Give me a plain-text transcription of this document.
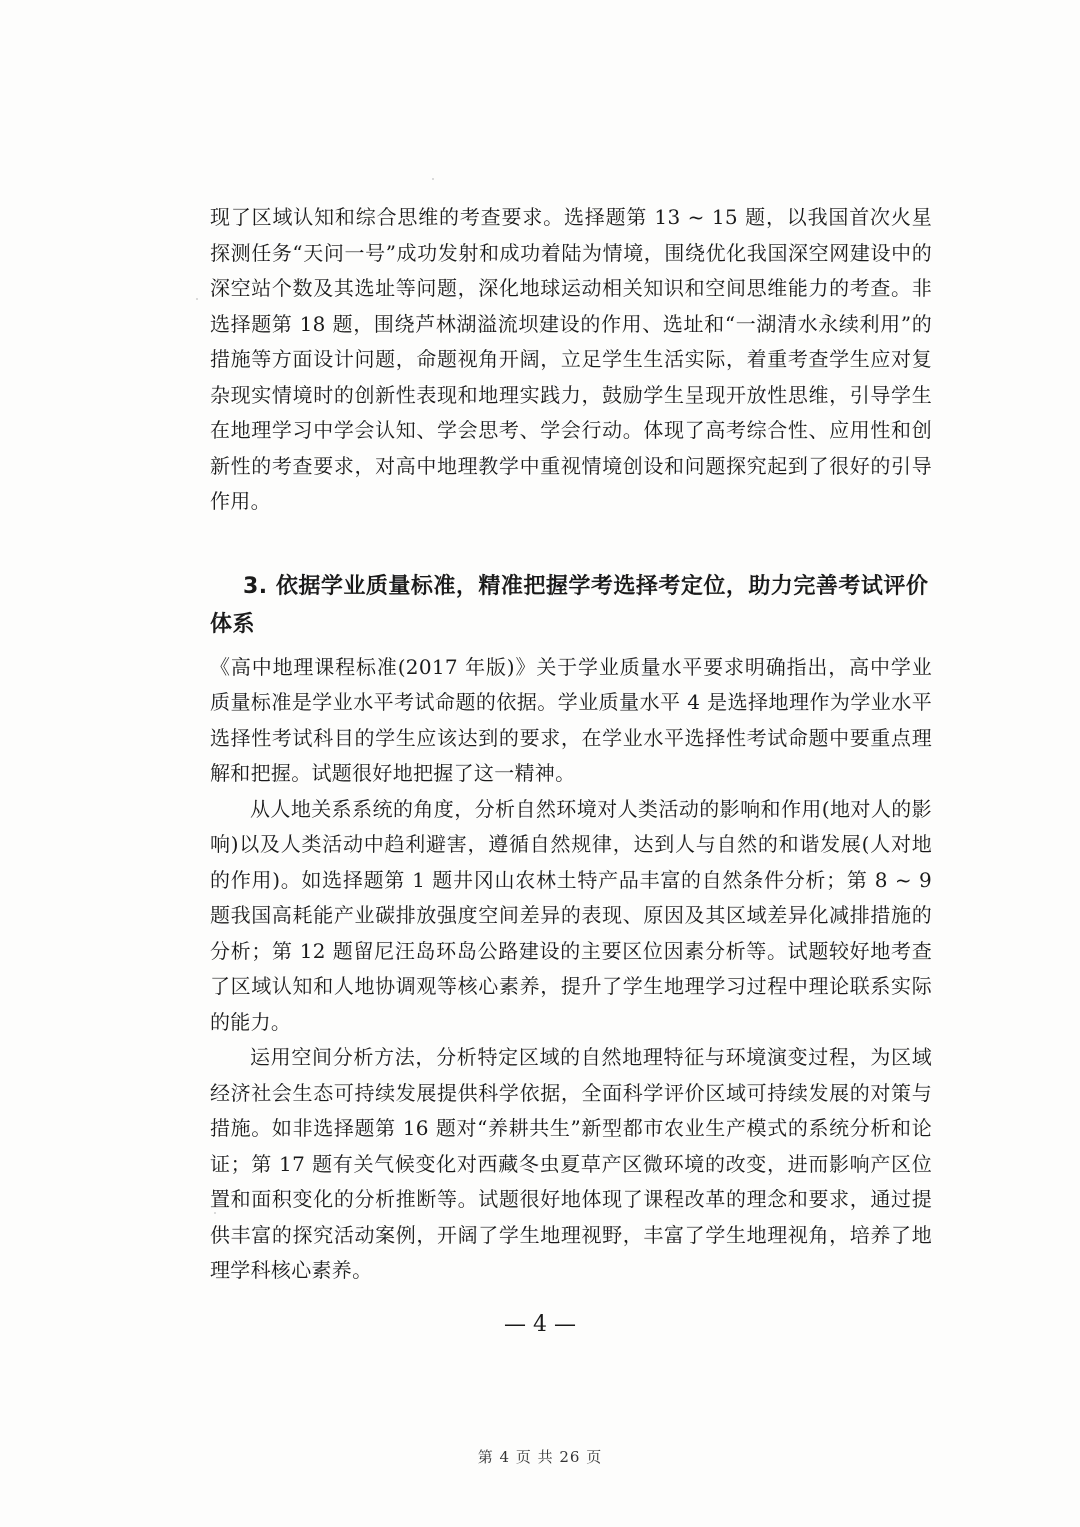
现了区域认知和综合思维的考查要求。选择题第 13 ~ 15 题，以我国首次火星探测任务“天问一号”成功发射和成功着陆为情境，围绕优化我国深空网建设中的深空站个数及其选址等问题，深化地球运动相关知识和空间思维能力的考查。非选择题第 18 题，围绕芦林湖溢流坝建设的作用、选址和“一湖清水永续利用”的措施等方面设计问题，命题视角开阔，立足学生生活实际，着重考查学生应对复杂现实情境时的创新性表现和地理实践力，鼓励学生呈现开放性思维，引导学生在地理学习中学会认知、学会思考、学会行动。体现了高考综合性、应用性和创新性的考查要求，对高中地理教学中重视情境创设和问题探究起到了很好的引导作用。

3. 依据学业质量标准，精准把握学考选择考定位，助力完善考试评价体系

《高中地理课程标准(2017 年版)》关于学业质量水平要求明确指出，高中学业质量标准是学业水平考试命题的依据。学业质量水平 4 是选择地理作为学业水平选择性考试科目的学生应该达到的要求，在学业水平选择性考试命题中要重点理解和把握。试题很好地把握了这一精神。

从人地关系系统的角度，分析自然环境对人类活动的影响和作用(地对人的影响)以及人类活动中趋利避害，遵循自然规律，达到人与自然的和谐发展(人对地的作用)。如选择题第 1 题井冈山农林土特产品丰富的自然条件分析；第 8 ~ 9 题我国高耗能产业碳排放强度空间差异的表现、原因及其区域差异化减排措施的分析；第 12 题留尼汪岛环岛公路建设的主要区位因素分析等。试题较好地考查了区域认知和人地协调观等核心素养，提升了学生地理学习过程中理论联系实际的能力。

运用空间分析方法，分析特定区域的自然地理特征与环境演变过程，为区域经济社会生态可持续发展提供科学依据，全面科学评价区域可持续发展的对策与措施。如非选择题第 16 题对“养耕共生”新型都市农业生产模式的系统分析和论证；第 17 题有关气候变化对西藏冬虫夏草产区微环境的改变，进而影响产区位置和面积变化的分析推断等。试题很好地体现了课程改革的理念和要求，通过提供丰富的探究活动案例，开阔了学生地理视野，丰富了学生地理视角，培养了地理学科核心素养。

— 4 —
第 4 页 共 26 页
